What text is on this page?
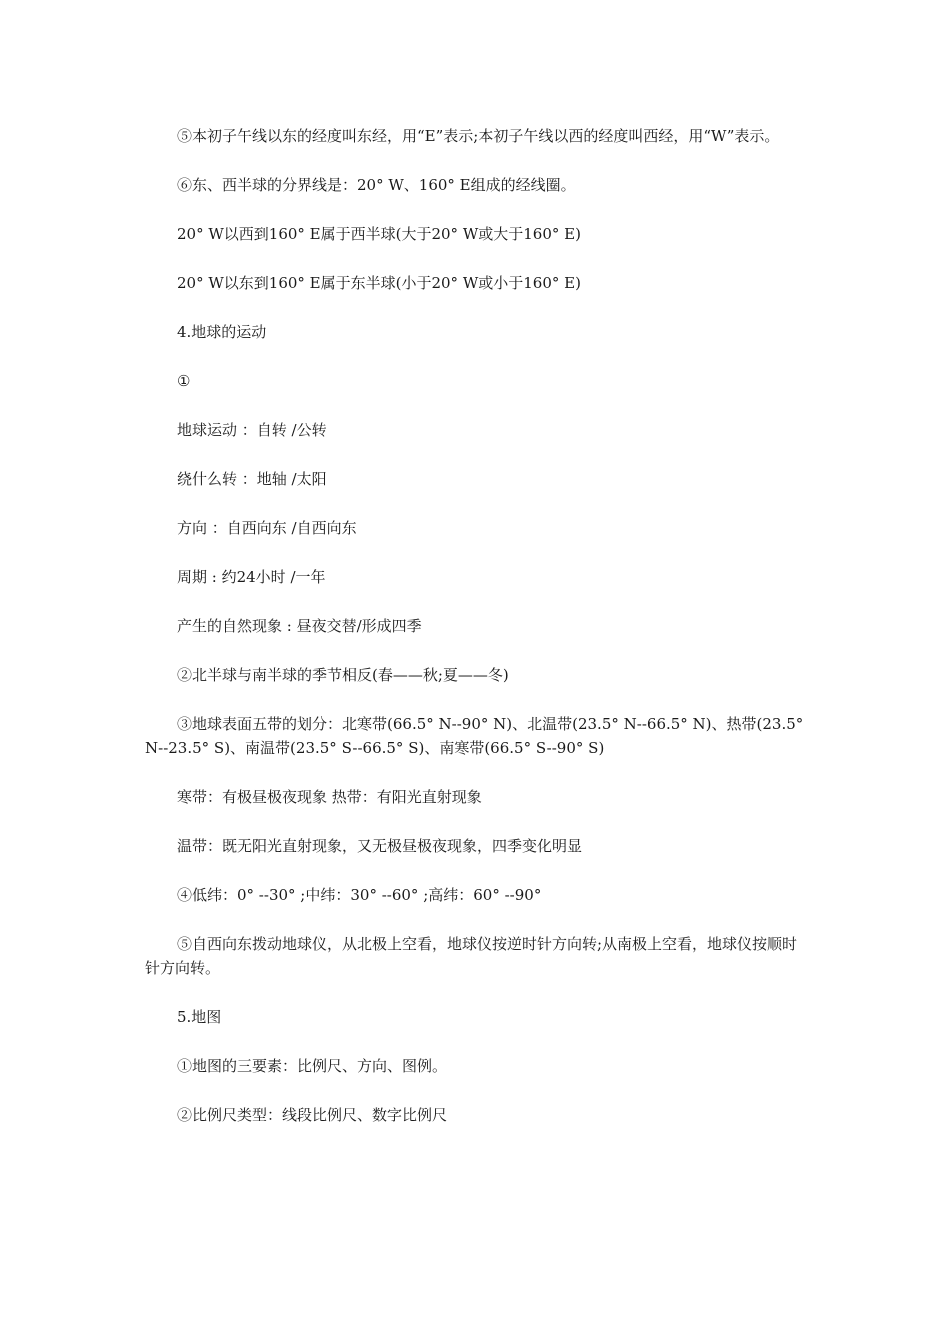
⑤本初子午线以东的经度叫东经，用“E”表示;本初子午线以西的经度叫西经，用“W”表示。

⑥东、西半球的分界线是：20° W、160° E组成的经线圈。

20° W以西到160° E属于西半球(大于20° W或大于160° E)

20° W以东到160° E属于东半球(小于20° W或小于160° E)

4.地球的运动

①

地球运动 ：自转 /公转

绕什么转 ：地轴 /太阳

方向 ：自西向东 /自西向东

周期 : 约24小时 /一年

产生的自然现象 : 昼夜交替/形成四季

②北半球与南半球的季节相反(春——秋;夏——冬)

③地球表面五带的划分：北寒带(66.5° N--90° N)、北温带(23.5° N--66.5° N)、热带(23.5° N--23.5° S)、南温带(23.5° S--66.5° S)、南寒带(66.5° S--90° S)

寒带：有极昼极夜现象 热带：有阳光直射现象

温带：既无阳光直射现象，又无极昼极夜现象，四季变化明显

④低纬：0° --30° ;中纬：30° --60° ;高纬：60° --90°

⑤自西向东拨动地球仪，从北极上空看，地球仪按逆时针方向转;从南极上空看，地球仪按顺时针方向转。

5.地图

①地图的三要素：比例尺、方向、图例。

②比例尺类型：线段比例尺、数字比例尺
